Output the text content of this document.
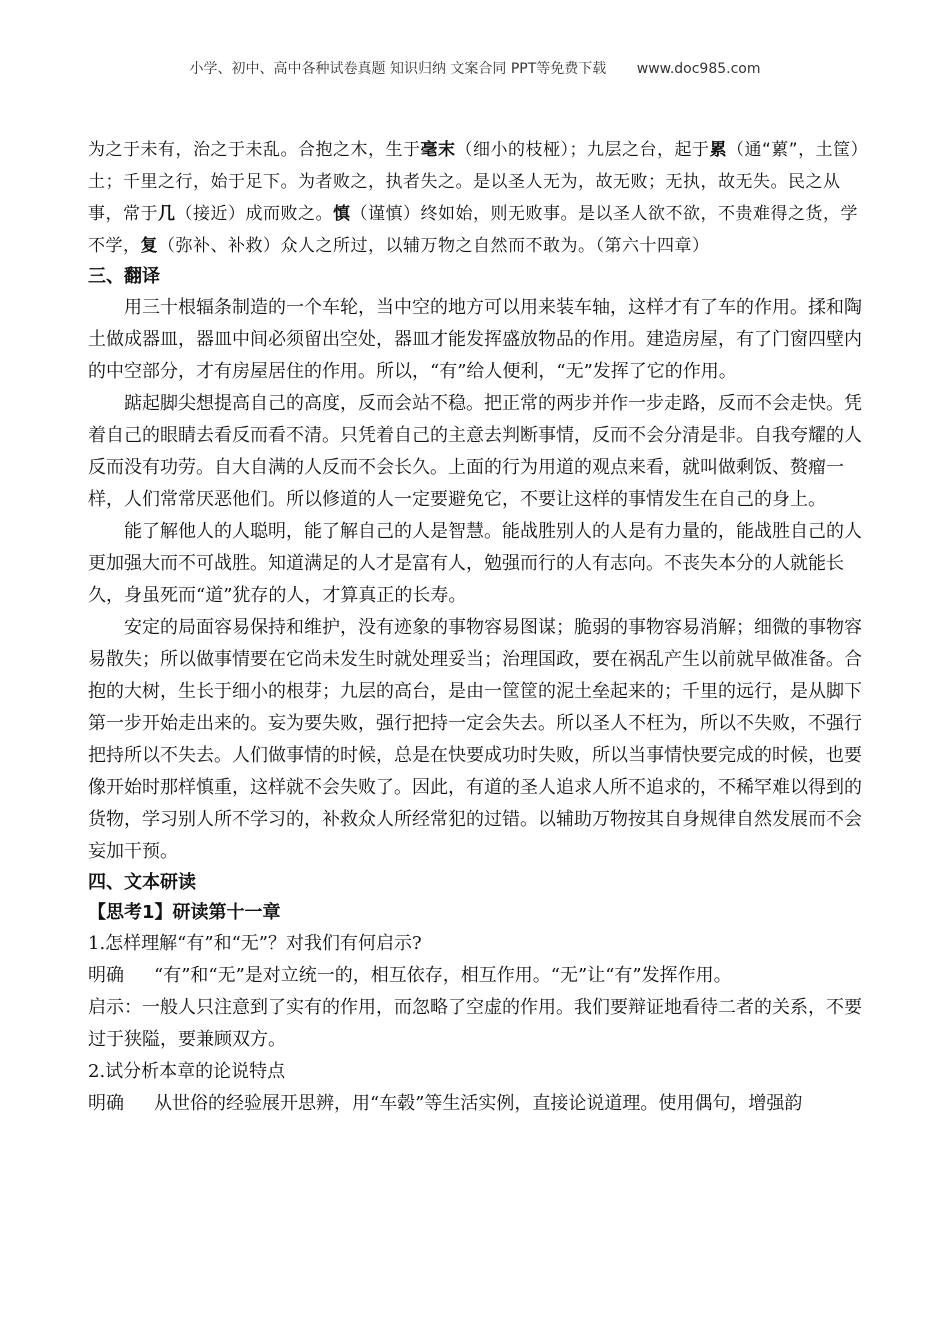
小学、初中、高中各种试卷真题 知识归纳 文案合同 PPT等免费下载 www.doc985.com

为之于未有，治之于未乱。合抱之木，生于毫末（细小的枝桠）；九层之台，起于累（通“蔂”，土筐）土；千里之行，始于足下。为者败之，执者失之。是以圣人无为，故无败；无执，故无失。民之从事，常于几（接近）成而败之。慎（谨慎）终如始，则无败事。是以圣人欲不欲，不贵难得之货，学不学，复（弥补、补救）众人之所过，以辅万物之自然而不敢为。（第六十四章）

三、翻译

用三十根辐条制造的一个车轮，当中空的地方可以用来装车轴，这样才有了车的作用。揉和陶土做成器皿，器皿中间必须留出空处，器皿才能发挥盛放物品的作用。建造房屋，有了门窗四壁内的中空部分，才有房屋居住的作用。所以，“有”给人便利，“无”发挥了它的作用。

踮起脚尖想提高自己的高度，反而会站不稳。把正常的两步并作一步走路，反而不会走快。凭着自己的眼睛去看反而看不清。只凭着自己的主意去判断事情，反而不会分清是非。自我夸耀的人反而没有功劳。自大自满的人反而不会长久。上面的行为用道的观点来看，就叫做剩饭、赘瘤一样，人们常常厌恶他们。所以修道的人一定要避免它，不要让这样的事情发生在自己的身上。

能了解他人的人聪明，能了解自己的人是智慧。能战胜别人的人是有力量的，能战胜自己的人更加强大而不可战胜。知道满足的人才是富有人，勉强而行的人有志向。不丧失本分的人就能长久，身虽死而“道”犹存的人，才算真正的长寿。

安定的局面容易保持和维护，没有迹象的事物容易图谋；脆弱的事物容易消解；细微的事物容易散失；所以做事情要在它尚未发生时就处理妥当；治理国政，要在祸乱产生以前就早做准备。合抱的大树，生长于细小的根芽；九层的高台，是由一筐筐的泥土垒起来的；千里的远行，是从脚下第一步开始走出来的。妄为要失败，强行把持一定会失去。所以圣人不枉为，所以不失败，不强行把持所以不失去。人们做事情的时候，总是在快要成功时失败，所以当事情快要完成的时候，也要像开始时那样慎重，这样就不会失败了。因此，有道的圣人追求人所不追求的，不稀罕难以得到的货物，学习别人所不学习的，补救众人所经常犯的过错。以辅助万物按其自身规律自然发展而不会妄加干预。

四、文本研读

【思考1】研读第十一章

1.怎样理解“有”和“无”？对我们有何启示?

明确 “有”和“无”是对立统一的，相互依存，相互作用。“无”让“有”发挥作用。

启示：一般人只注意到了实有的作用，而忽略了空虚的作用。我们要辩证地看待二者的关系，不要过于狭隘，要兼顾双方。

2.试分析本章的论说特点

明确 从世俗的经验展开思辨，用“车毂”等生活实例，直接论说道理。使用偶句，增强韵
